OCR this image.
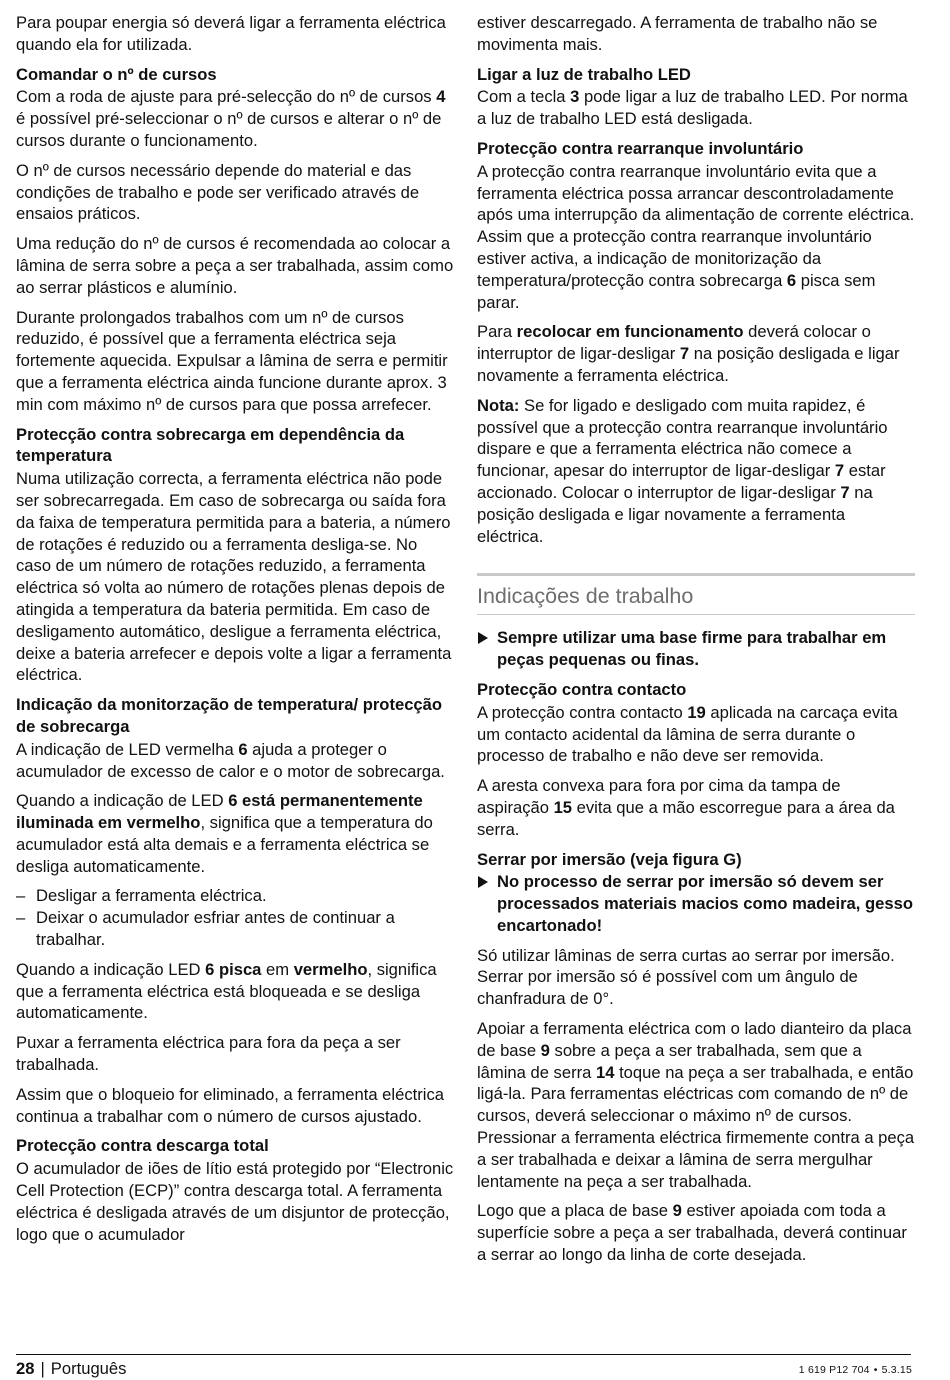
Para poupar energia só deverá ligar a ferramenta eléctrica quando ela for utilizada.

Comandar o nº de cursos

Com a roda de ajuste para pré-selecção do nº de cursos 4 é possível pré-seleccionar o nº de cursos e alterar o nº de cursos durante o funcionamento.

O nº de cursos necessário depende do material e das condições de trabalho e pode ser verificado através de ensaios práticos.

Uma redução do nº de cursos é recomendada ao colocar a lâmina de serra sobre a peça a ser trabalhada, assim como ao serrar plásticos e alumínio.

Durante prolongados trabalhos com um nº de cursos reduzido, é possível que a ferramenta eléctrica seja fortemente aquecida. Expulsar a lâmina de serra e permitir que a ferramenta eléctrica ainda funcione durante aprox. 3 min com máximo nº de cursos para que possa arrefecer.

Protecção contra sobrecarga em dependência da temperatura

Numa utilização correcta, a ferramenta eléctrica não pode ser sobrecarregada. Em caso de sobrecarga ou saída fora da faixa de temperatura permitida para a bateria, a número de rotações é reduzido ou a ferramenta desliga-se. No caso de um número de rotações reduzido, a ferramenta eléctrica só volta ao número de rotações plenas depois de atingida a temperatura da bateria permitida. Em caso de desligamento automático, desligue a ferramenta eléctrica, deixe a bateria arrefecer e depois volte a ligar a ferramenta eléctrica.

Indicação da monitorzação de temperatura/ protecção de sobrecarga

A indicação de LED vermelha 6 ajuda a proteger o acumulador de excesso de calor e o motor de sobrecarga.

Quando a indicação de LED 6 está permanentemente iluminada em vermelho, significa que a temperatura do acumulador está alta demais e a ferramenta eléctrica se desliga automaticamente.

– Desligar a ferramenta eléctrica.
– Deixar o acumulador esfriar antes de continuar a trabalhar.

Quando a indicação LED 6 pisca em vermelho, significa que a ferramenta eléctrica está bloqueada e se desliga automaticamente.

Puxar a ferramenta eléctrica para fora da peça a ser trabalhada.

Assim que o bloqueio for eliminado, a ferramenta eléctrica continua a trabalhar com o número de cursos ajustado.

Protecção contra descarga total

O acumulador de iões de lítio está protegido por “Electronic Cell Protection (ECP)” contra descarga total. A ferramenta eléctrica é desligada através de um disjuntor de protecção, logo que o acumulador

estiver descarregado. A ferramenta de trabalho não se movimenta mais.

Ligar a luz de trabalho LED

Com a tecla 3 pode ligar a luz de trabalho LED. Por norma a luz de trabalho LED está desligada.

Protecção contra rearranque involuntário

A protecção contra rearranque involuntário evita que a ferramenta eléctrica possa arrancar descontroladamente após uma interrupção da alimentação de corrente eléctrica. Assim que a protecção contra rearranque involuntário estiver activa, a indicação de monitorização da temperatura/protecção contra sobrecarga 6 pisca sem parar.

Para recolocar em funcionamento deverá colocar o interruptor de ligar-desligar 7 na posição desligada e ligar novamente a ferramenta eléctrica.

Nota: Se for ligado e desligado com muita rapidez, é possível que a protecção contra rearranque involuntário dispare e que a ferramenta eléctrica não comece a funcionar, apesar do interruptor de ligar-desligar 7 estar accionado. Colocar o interruptor de ligar-desligar 7 na posição desligada e ligar novamente a ferramenta eléctrica.

Indicações de trabalho
Sempre utilizar uma base firme para trabalhar em peças pequenas ou finas.
Protecção contra contacto

A protecção contra contacto 19 aplicada na carcaça evita um contacto acidental da lâmina de serra durante o processo de trabalho e não deve ser removida.

A aresta convexa para fora por cima da tampa de aspiração 15 evita que a mão escorregue para a área da serra.

Serrar por imersão (veja figura G)
No processo de serrar por imersão só devem ser processados materiais macios como madeira, gesso encartonado!

Só utilizar lâminas de serra curtas ao serrar por imersão. Serrar por imersão só é possível com um ângulo de chanfradura de 0°.

Apoiar a ferramenta eléctrica com o lado dianteiro da placa de base 9 sobre a peça a ser trabalhada, sem que a lâmina de serra 14 toque na peça a ser trabalhada, e então ligá-la. Para ferramentas eléctricas com comando de nº de cursos, deverá seleccionar o máximo nº de cursos. Pressionar a ferramenta eléctrica firmemente contra a peça a ser trabalhada e deixar a lâmina de serra mergulhar lentamente na peça a ser trabalhada.

Logo que a placa de base 9 estiver apoiada com toda a superfície sobre a peça a ser trabalhada, deverá continuar a serrar ao longo da linha de corte desejada.

28 | Português	1 619 P12 704 • 5.3.15
